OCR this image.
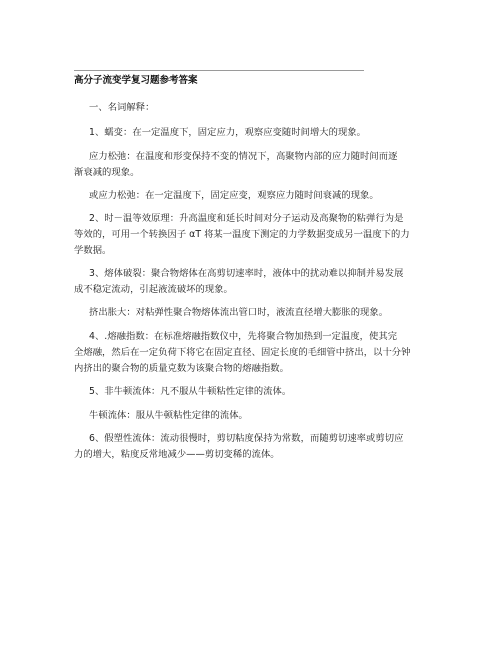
高分子流变学复习题参考答案
一、名词解释：
1、蠕变：在一定温度下，固定应力，观察应变随时间增大的现象。
应力松弛：在温度和形变保持不变的情况下，高聚物内部的应力随时间而逐
渐衰减的现象。
或应力松弛：在一定温度下，固定应变，观察应力随时间衰减的现象。
2、时－温等效原理：升高温度和延长时间对分子运动及高聚物的粘弹行为是
等效的，可用一个转换因子 αT 将某一温度下测定的力学数据变成另一温度下的力
学数据。
3、熔体破裂：聚合物熔体在高剪切速率时，液体中的扰动难以抑制并易发展
成不稳定流动，引起液流破坏的现象。
挤出胀大：对粘弹性聚合物熔体流出管口时，液流直径增大膨胀的现象。
4、.熔融指数：在标准熔融指数仪中，先将聚合物加热到一定温度，使其完
全熔融，然后在一定负荷下将它在固定直径、固定长度的毛细管中挤出，以十分钟
内挤出的聚合物的质量克数为该聚合物的熔融指数。
5、非牛顿流体：凡不服从牛顿粘性定律的流体。
牛顿流体：服从牛顿粘性定律的流体。
6、假塑性流体：流动很慢时，剪切粘度保持为常数，而随剪切速率或剪切应
力的增大，粘度反常地减少——剪切变稀的流体。
